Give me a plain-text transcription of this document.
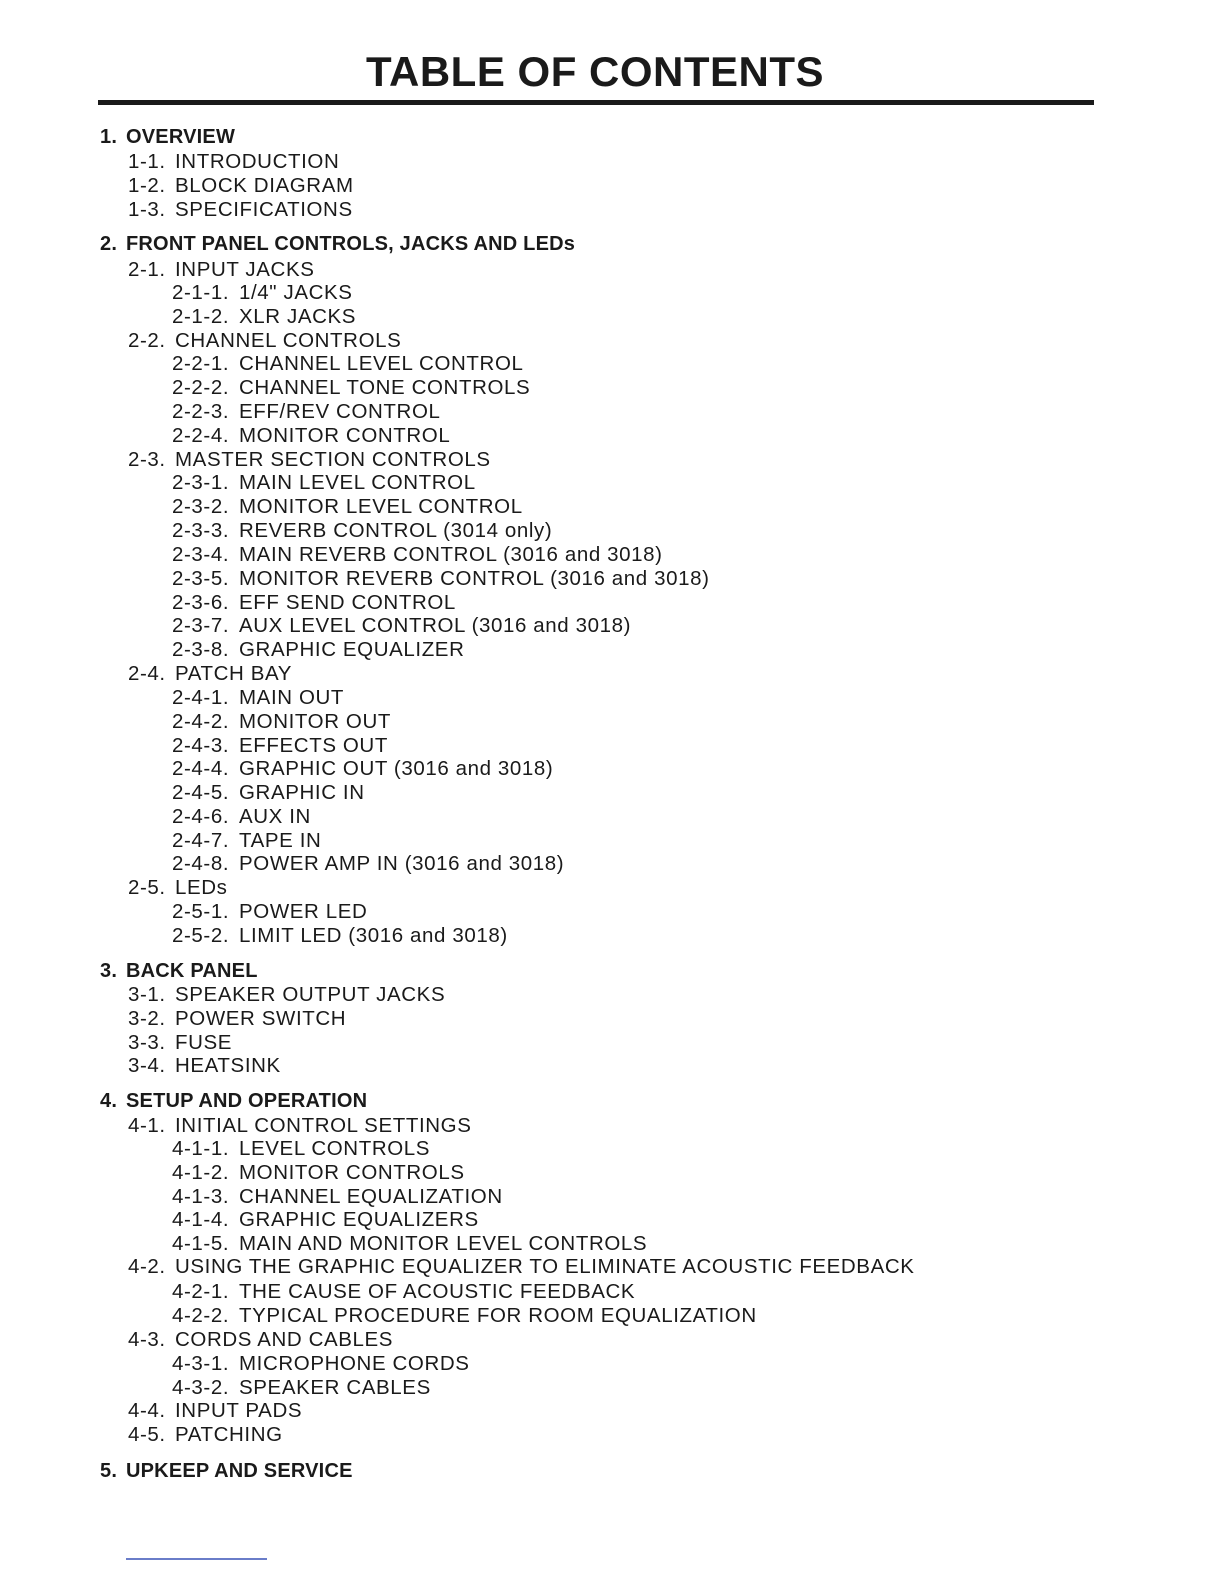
TABLE OF CONTENTS
1. OVERVIEW
1-1. INTRODUCTION
1-2. BLOCK DIAGRAM
1-3. SPECIFICATIONS
2. FRONT PANEL CONTROLS, JACKS AND LEDs
2-1. INPUT JACKS
2-1-1. 1/4" JACKS
2-1-2. XLR JACKS
2-2. CHANNEL CONTROLS
2-2-1. CHANNEL LEVEL CONTROL
2-2-2. CHANNEL TONE CONTROLS
2-2-3. EFF/REV CONTROL
2-2-4. MONITOR CONTROL
2-3. MASTER SECTION CONTROLS
2-3-1. MAIN LEVEL CONTROL
2-3-2. MONITOR LEVEL CONTROL
2-3-3. REVERB CONTROL (3014 only)
2-3-4. MAIN REVERB CONTROL (3016 and 3018)
2-3-5. MONITOR REVERB CONTROL (3016 and 3018)
2-3-6. EFF SEND CONTROL
2-3-7. AUX LEVEL CONTROL (3016 and 3018)
2-3-8. GRAPHIC EQUALIZER
2-4. PATCH BAY
2-4-1. MAIN OUT
2-4-2. MONITOR OUT
2-4-3. EFFECTS OUT
2-4-4. GRAPHIC OUT (3016 and 3018)
2-4-5. GRAPHIC IN
2-4-6. AUX IN
2-4-7. TAPE IN
2-4-8. POWER AMP IN (3016 and 3018)
2-5. LEDs
2-5-1. POWER LED
2-5-2. LIMIT LED (3016 and 3018)
3. BACK PANEL
3-1. SPEAKER OUTPUT JACKS
3-2. POWER SWITCH
3-3. FUSE
3-4. HEATSINK
4. SETUP AND OPERATION
4-1. INITIAL CONTROL SETTINGS
4-1-1. LEVEL CONTROLS
4-1-2. MONITOR CONTROLS
4-1-3. CHANNEL EQUALIZATION
4-1-4. GRAPHIC EQUALIZERS
4-1-5. MAIN AND MONITOR LEVEL CONTROLS
4-2. USING THE GRAPHIC EQUALIZER TO ELIMINATE ACOUSTIC FEEDBACK
4-2-1. THE CAUSE OF ACOUSTIC FEEDBACK
4-2-2. TYPICAL PROCEDURE FOR ROOM EQUALIZATION
4-3. CORDS AND CABLES
4-3-1. MICROPHONE CORDS
4-3-2. SPEAKER CABLES
4-4. INPUT PADS
4-5. PATCHING
5. UPKEEP AND SERVICE
